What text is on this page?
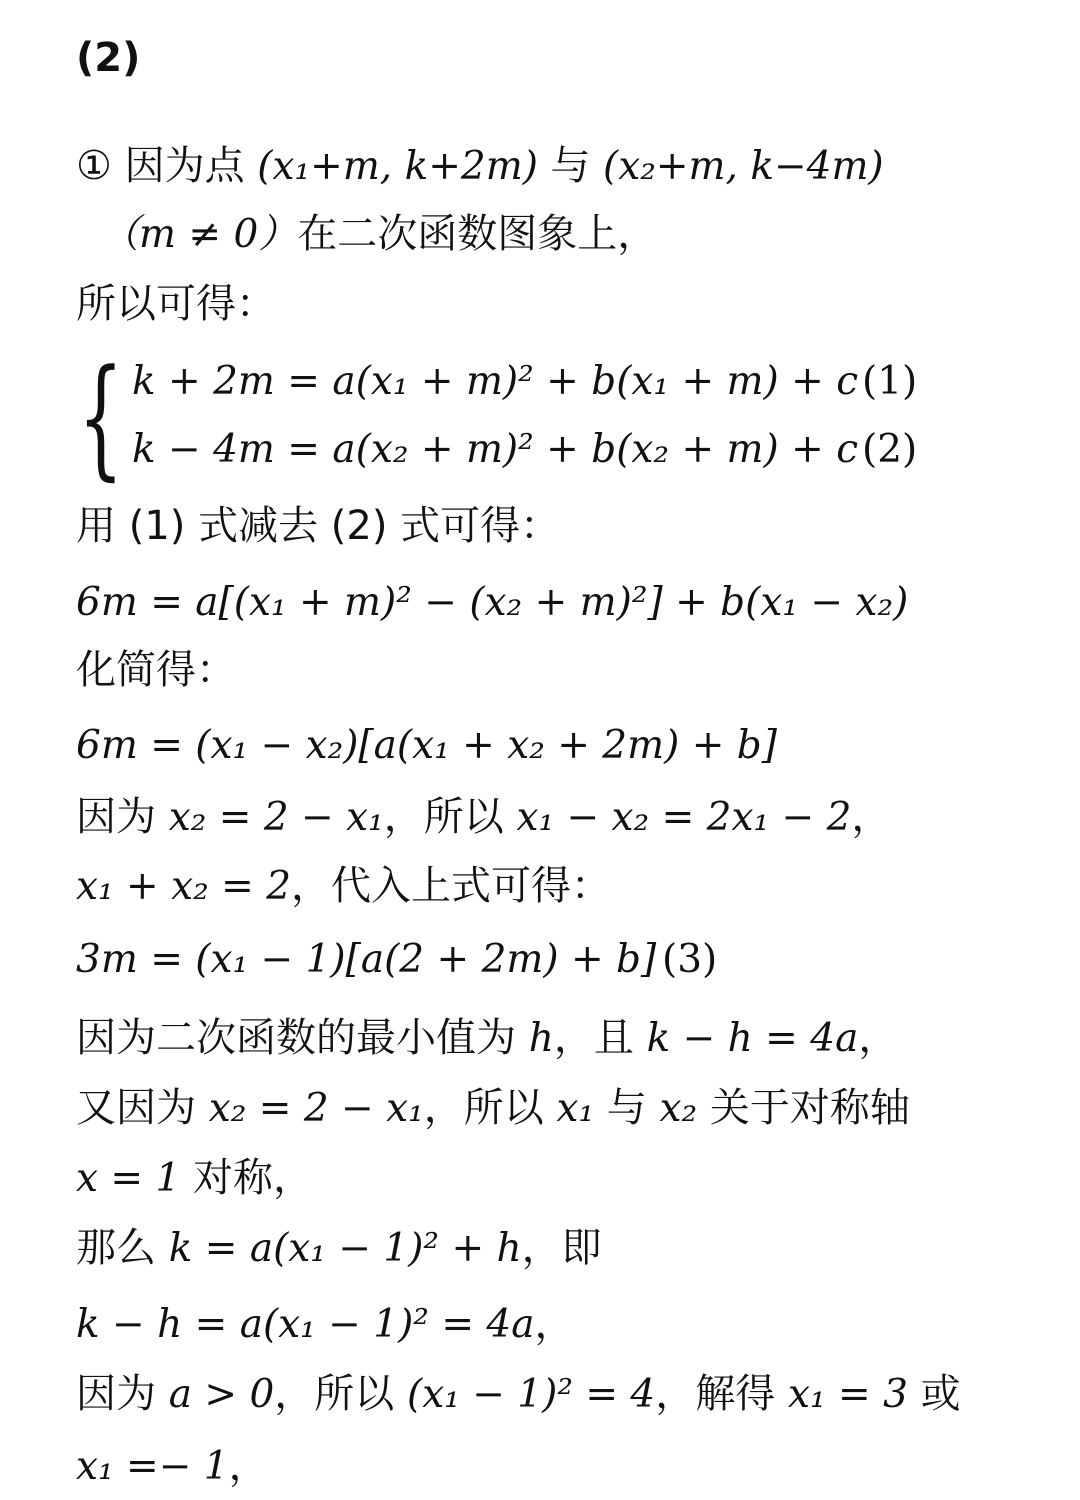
(2)
① 因为点 (x₁+m, k+2m) 与 (x₂+m, k−4m)
（m ≠ 0）在二次函数图象上，
所以可得：
{ k + 2m = a(x₁ + m)² + b(x₁ + m) + c (1)
k − 4m = a(x₂ + m)² + b(x₂ + m) + c (2)
用 (1) 式减去 (2) 式可得：
6m = a[(x₁ + m)² − (x₂ + m)²] + b(x₁ − x₂)
化简得：
6m = (x₁ − x₂)[a(x₁ + x₂ + 2m) + b]
因为 x₂ = 2 − x₁，所以 x₁ − x₂ = 2x₁ − 2，
x₁ + x₂ = 2，代入上式可得：
3m = (x₁ − 1)[a(2 + 2m) + b] (3)
因为二次函数的最小值为 h，且 k − h = 4a，
又因为 x₂ = 2 − x₁，所以 x₁ 与 x₂ 关于对称轴
x = 1 对称，
那么 k = a(x₁ − 1)² + h，即
k − h = a(x₁ − 1)² = 4a，
因为 a > 0，所以 (x₁ − 1)² = 4，解得 x₁ = 3 或
x₁ =− 1，
